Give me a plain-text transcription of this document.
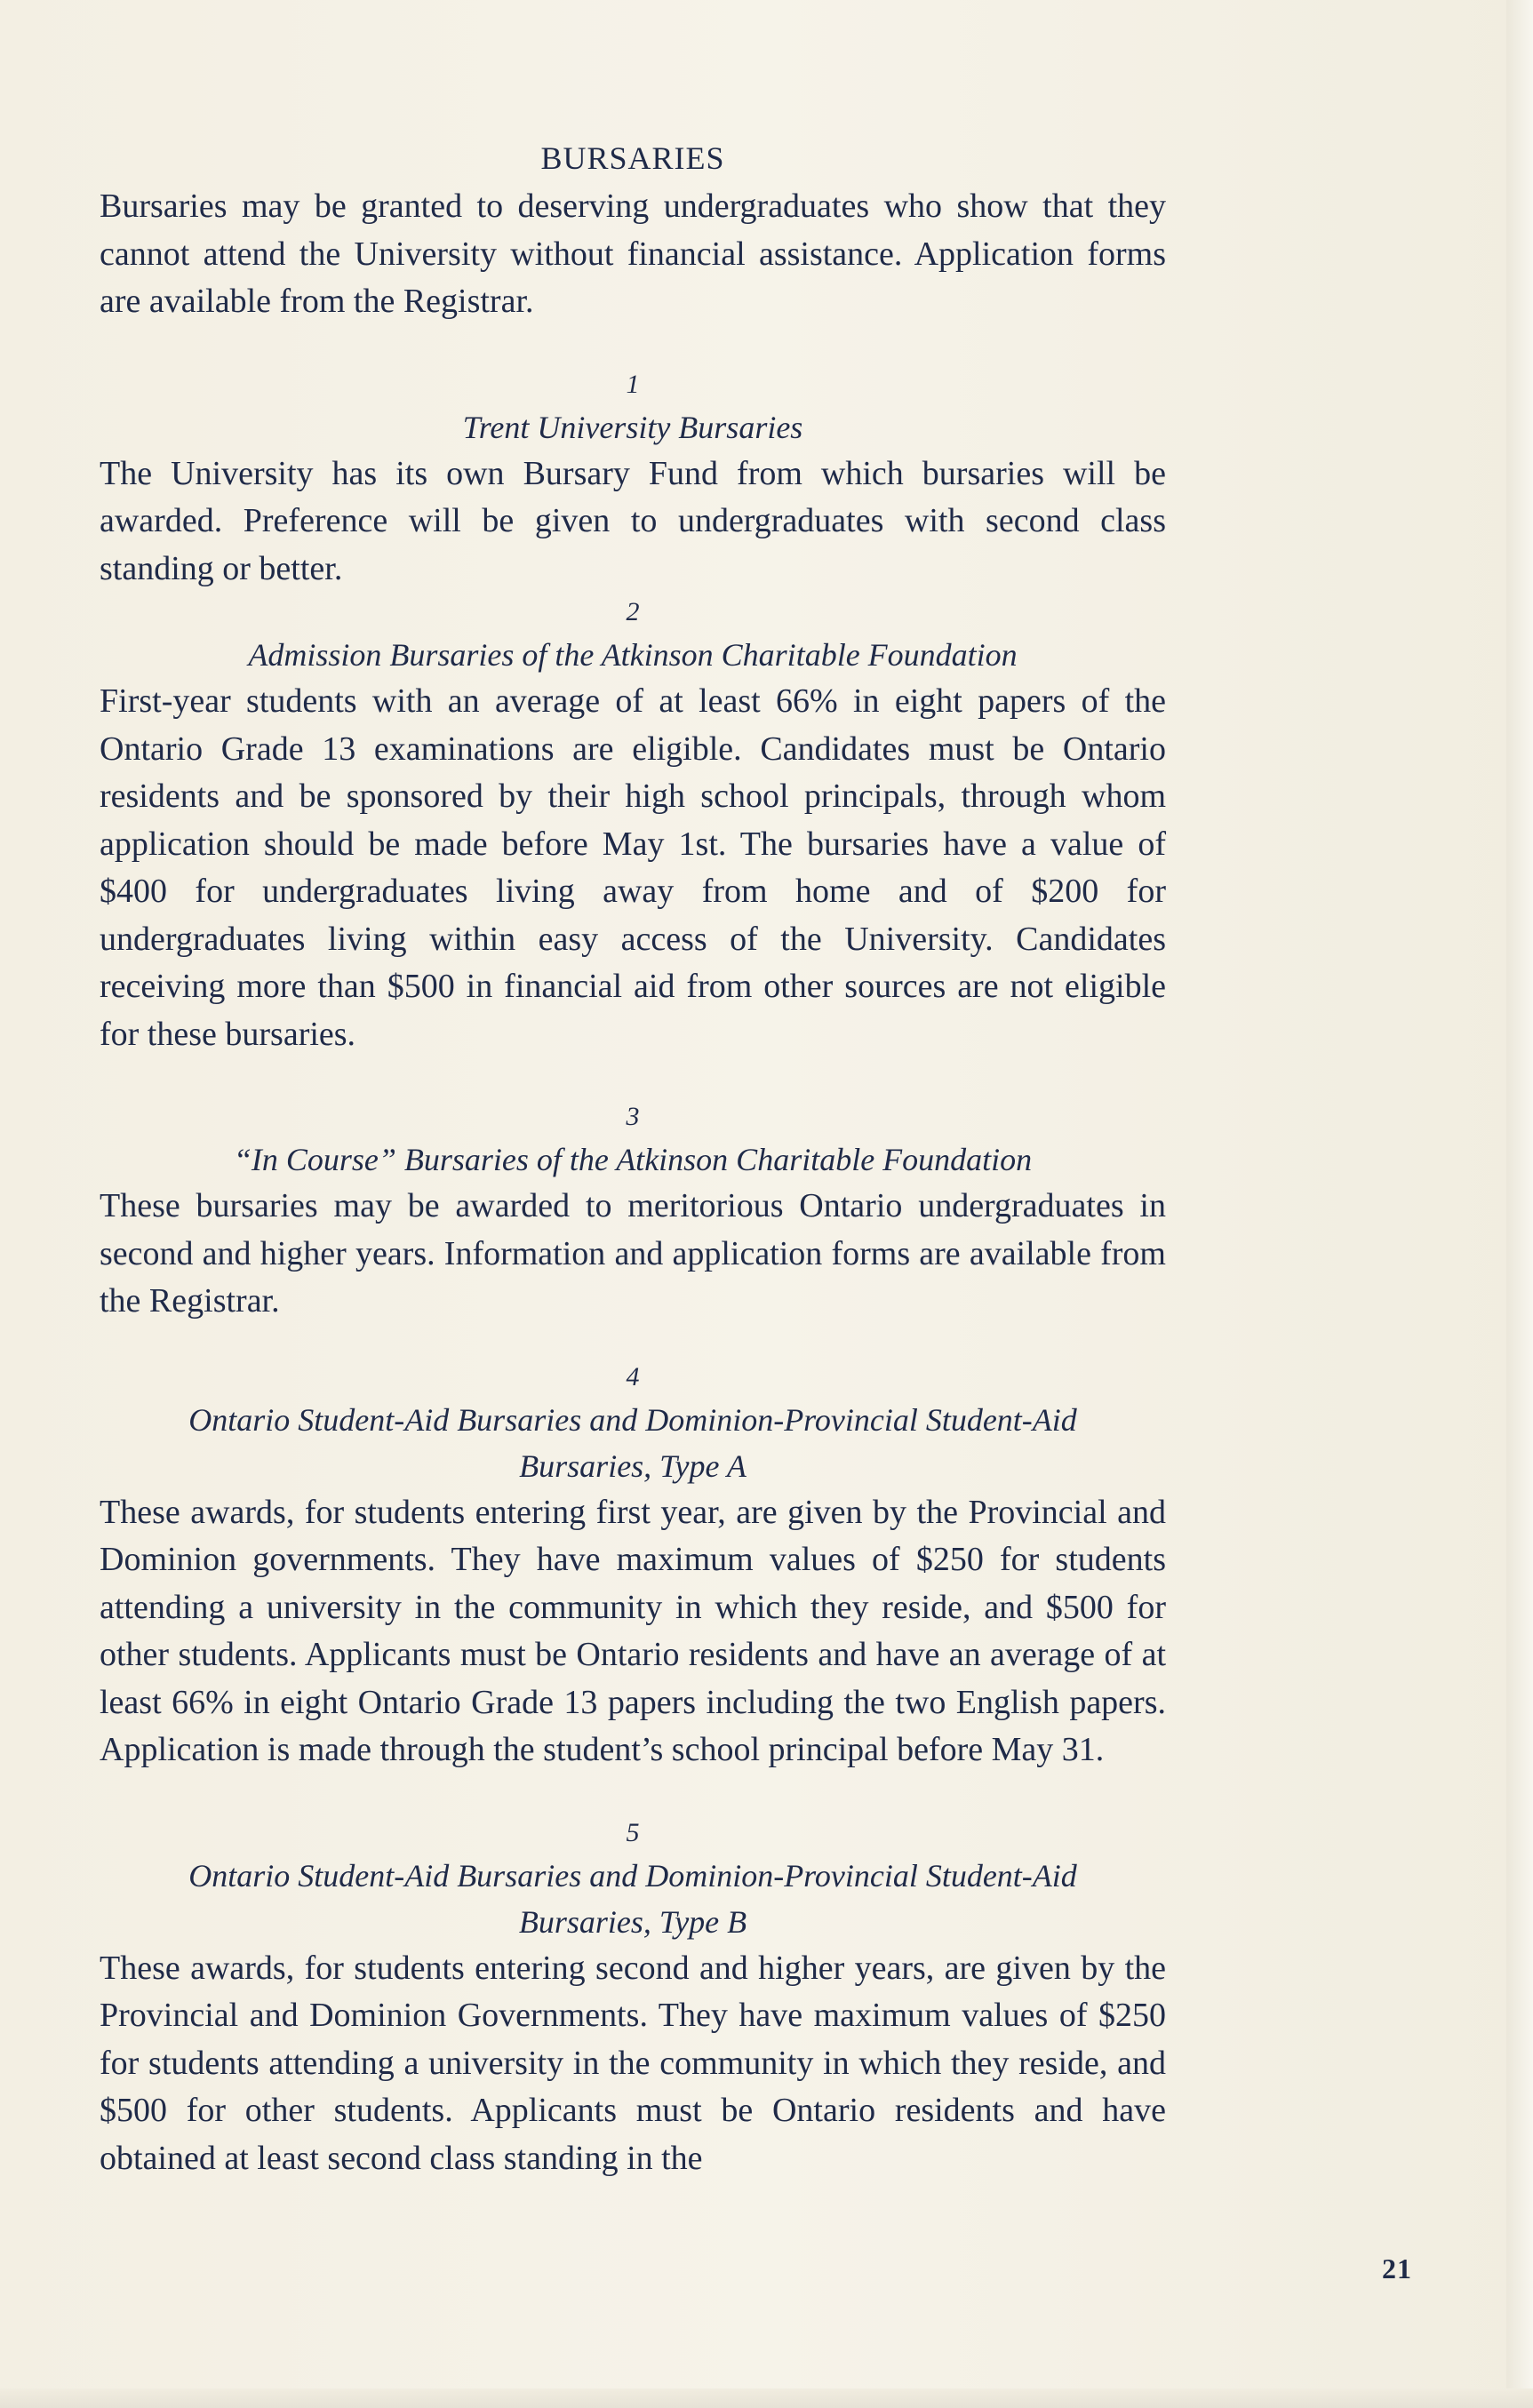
BURSARIES

Bursaries may be granted to deserving undergraduates who show that they cannot attend the University without financial assistance. Application forms are available from the Registrar.

1

Trent University Bursaries

The University has its own Bursary Fund from which bursaries will be awarded. Preference will be given to undergraduates with second class standing or better.

2

Admission Bursaries of the Atkinson Charitable Foundation

First-year students with an average of at least 66% in eight papers of the Ontario Grade 13 examinations are eligible. Candidates must be Ontario residents and be sponsored by their high school principals, through whom application should be made before May 1st. The bursaries have a value of $400 for undergraduates living away from home and of $200 for undergraduates living within easy access of the University. Candidates receiving more than $500 in financial aid from other sources are not eligible for these bursaries.

3

“In Course” Bursaries of the Atkinson Charitable Foundation

These bursaries may be awarded to meritorious Ontario undergraduates in second and higher years. Information and application forms are available from the Registrar.

4

Ontario Student-Aid Bursaries and Dominion-Provincial Student-Aid

Bursaries, Type A

These awards, for students entering first year, are given by the Provincial and Dominion governments. They have maximum values of $250 for students attending a university in the community in which they reside, and $500 for other students. Applicants must be Ontario residents and have an average of at least 66% in eight Ontario Grade 13 papers including the two English papers. Application is made through the student’s school principal before May 31.

5

Ontario Student-Aid Bursaries and Dominion-Provincial Student-Aid

Bursaries, Type B

These awards, for students entering second and higher years, are given by the Provincial and Dominion Governments. They have maximum values of $250 for students attending a university in the community in which they reside, and $500 for other students. Applicants must be Ontario residents and have obtained at least second class standing in the

21
